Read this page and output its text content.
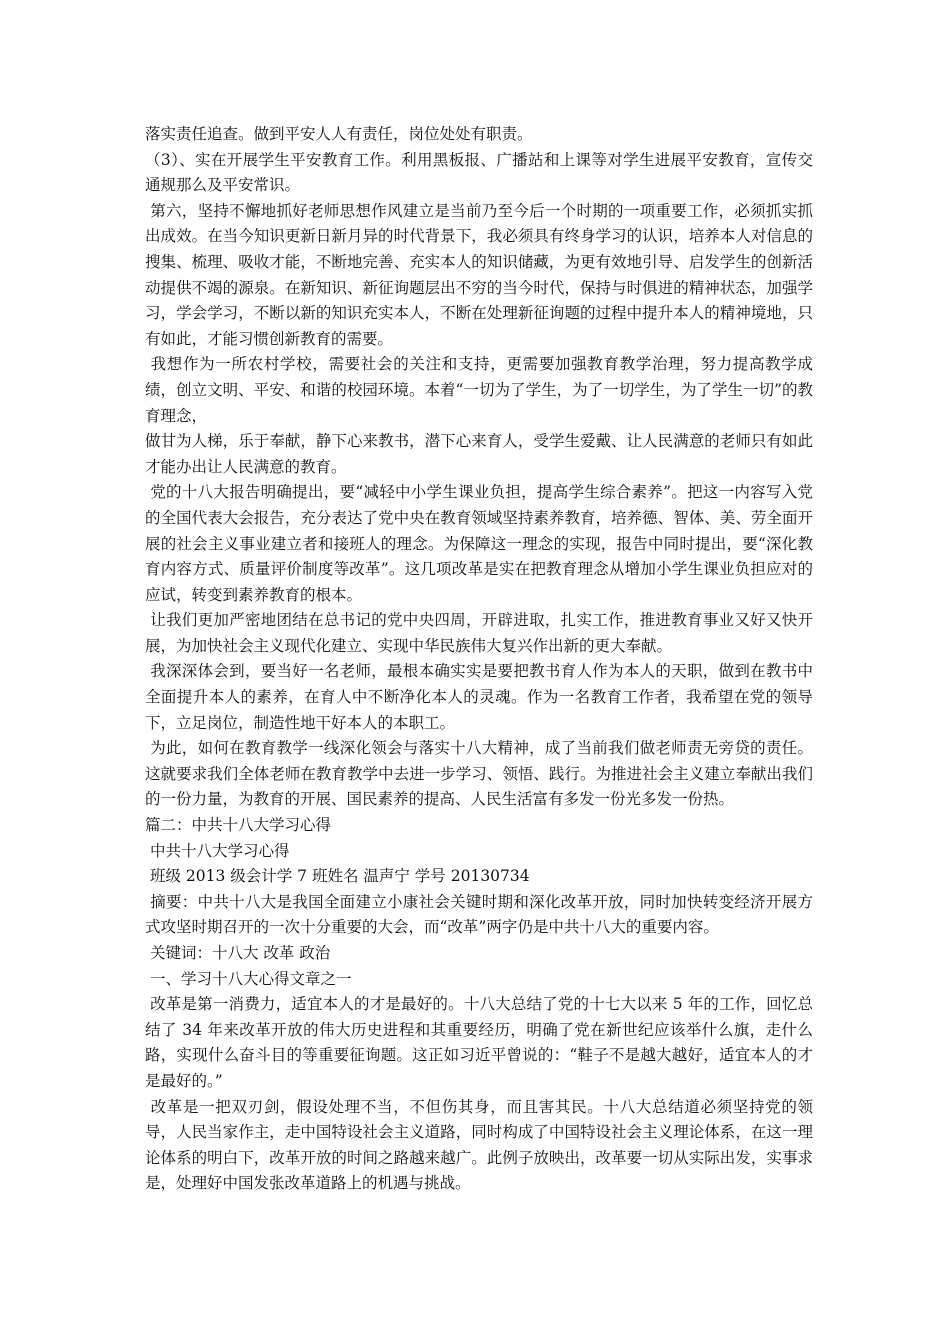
落实责任追查。做到平安人人有责任，岗位处处有职责。

（3）、实在开展学生平安教育工作。利用黑板报、广播站和上课等对学生进展平安教育，宣传交通规那么及平安常识。

第六，坚持不懈地抓好老师思想作风建立是当前乃至今后一个时期的一项重要工作，必须抓实抓出成效。在当今知识更新日新月异的时代背景下，我必须具有终身学习的认识，培养本人对信息的搜集、梳理、吸收才能，不断地完善、充实本人的知识储藏，为更有效地引导、启发学生的创新活动提供不竭的源泉。在新知识、新征询题层出不穷的当今时代，保持与时俱进的精神状态，加强学习，学会学习，不断以新的知识充实本人，不断在处理新征询题的过程中提升本人的精神境地，只有如此，才能习惯创新教育的需要。

我想作为一所农村学校，需要社会的关注和支持，更需要加强教育教学治理，努力提高教学成绩，创立文明、平安、和谐的校园环境。本着“一切为了学生，为了一切学生，为了学生一切”的教育理念，

做甘为人梯，乐于奉献，静下心来教书，潜下心来育人，受学生爱戴、让人民满意的老师只有如此才能办出让人民满意的教育。

党的十八大报告明确提出，要“减轻中小学生课业负担，提高学生综合素养”。把这一内容写入党的全国代表大会报告，充分表达了党中央在教育领域坚持素养教育，培养德、智体、美、劳全面开展的社会主义事业建立者和接班人的理念。为保障这一理念的实现，报告中同时提出，要“深化教育内容方式、质量评价制度等改革”。这几项改革是实在把教育理念从增加小学生课业负担应对的应试，转变到素养教育的根本。

让我们更加严密地团结在总书记的党中央四周，开辟进取，扎实工作，推进教育事业又好又快开展，为加快社会主义现代化建立、实现中华民族伟大复兴作出新的更大奉献。

我深深体会到，要当好一名老师，最根本确实实是要把教书育人作为本人的天职，做到在教书中全面提升本人的素养，在育人中不断净化本人的灵魂。作为一名教育工作者，我希望在党的领导下，立足岗位，制造性地干好本人的本职工。

为此，如何在教育教学一线深化领会与落实十八大精神，成了当前我们做老师责无旁贷的责任。这就要求我们全体老师在教育教学中去进一步学习、领悟、践行。为推进社会主义建立奉献出我们的一份力量，为教育的开展、国民素养的提高、人民生活富有多发一份光多发一份热。

篇二：中共十八大学习心得

中共十八大学习心得

班级 2013 级会计学 7 班姓名 温声宁 学号 20130734

摘要：中共十八大是我国全面建立小康社会关键时期和深化改革开放，同时加快转变经济开展方式攻坚时期召开的一次十分重要的大会，而“改革”两字仍是中共十八大的重要内容。

关键词：十八大 改革 政治

一、学习十八大心得文章之一

改革是第一消费力，适宜本人的才是最好的。十八大总结了党的十七大以来 5 年的工作，回忆总结了 34 年来改革开放的伟大历史进程和其重要经历，明确了党在新世纪应该举什么旗，走什么路，实现什么奋斗目的等重要征询题。这正如习近平曾说的：“鞋子不是越大越好，适宜本人的才是最好的。”

改革是一把双刃剑，假设处理不当，不但伤其身，而且害其民。十八大总结道必须坚持党的领导，人民当家作主，走中国特设社会主义道路，同时构成了中国特设社会主义理论体系，在这一理论体系的明白下，改革开放的时间之路越来越广。此例子放映出，改革要一切从实际出发，实事求是，处理好中国发张改革道路上的机遇与挑战。
